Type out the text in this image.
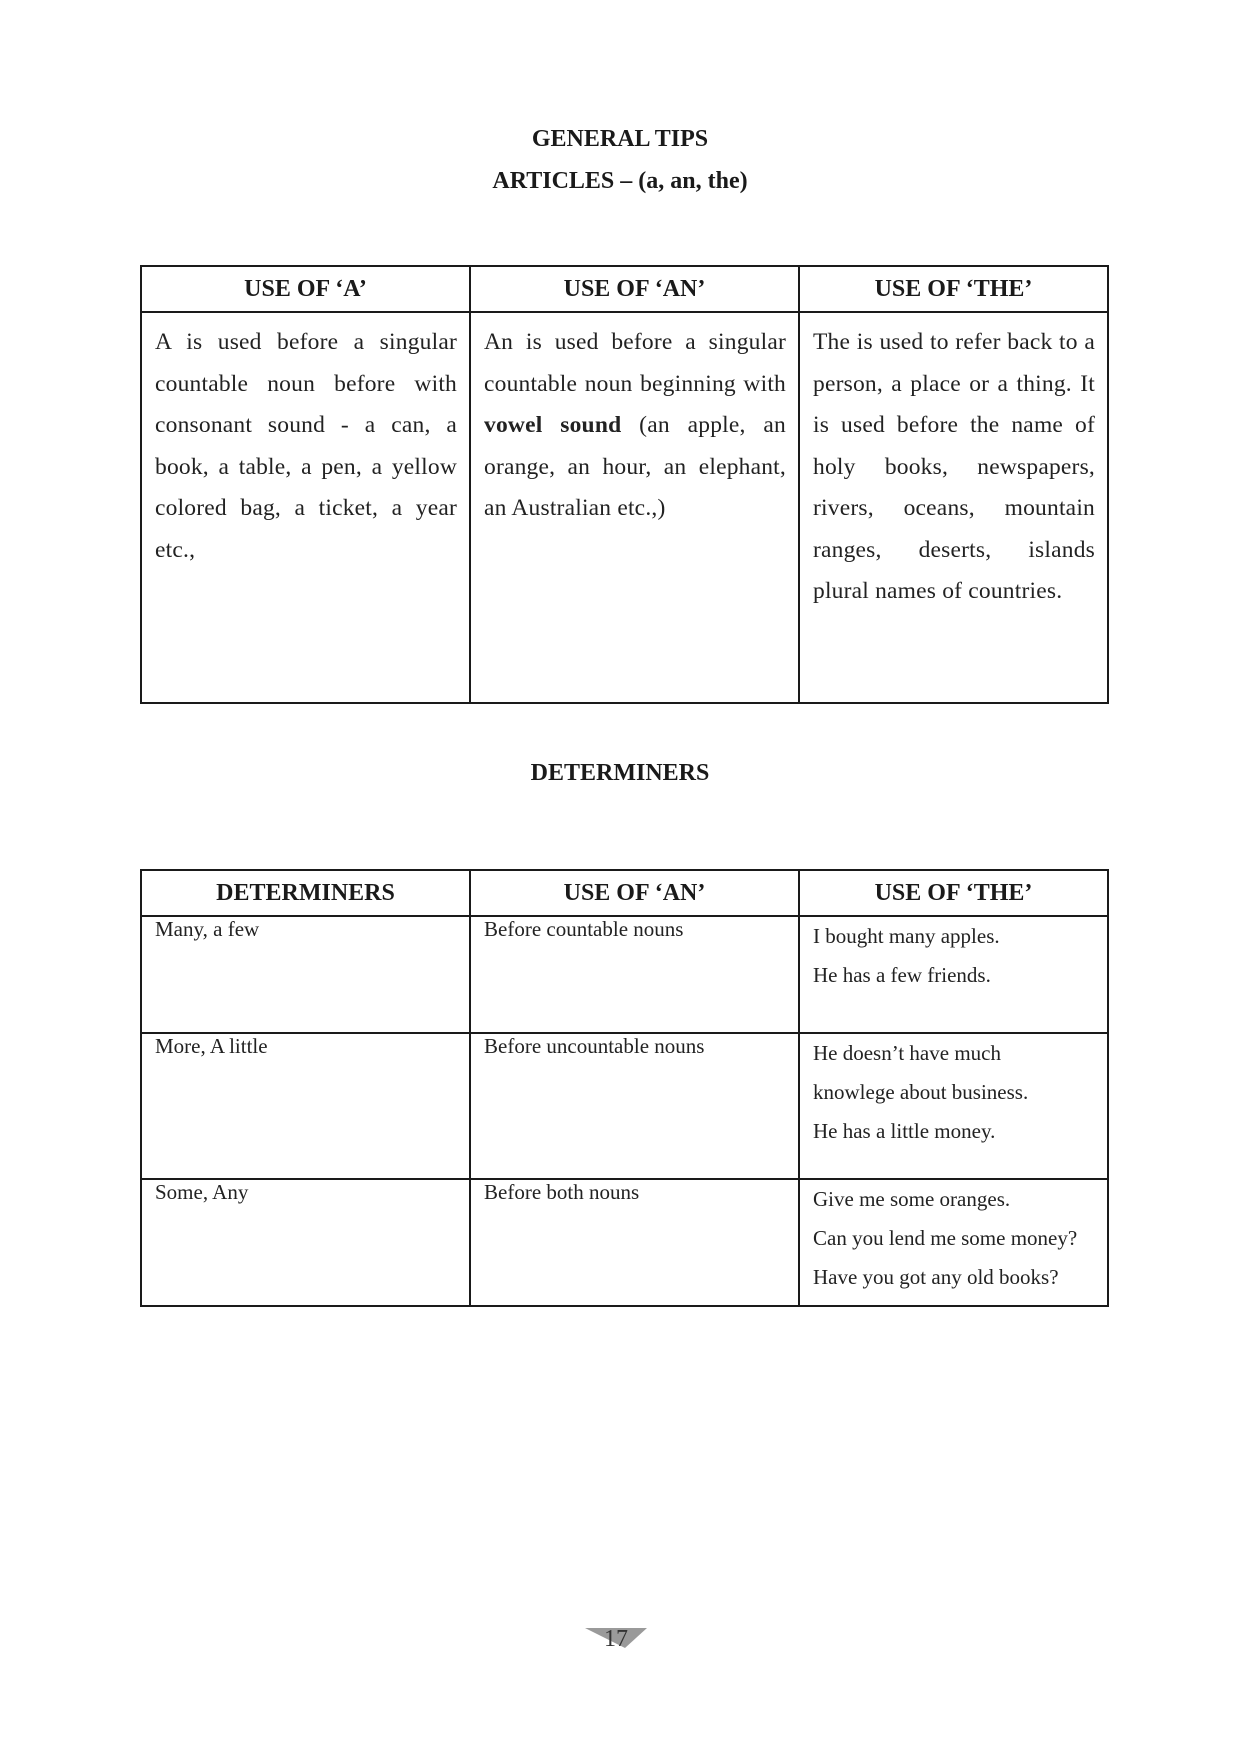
GENERAL TIPS
ARTICLES – (a, an, the)
USE OF ‘A’	USE OF ‘AN’	USE OF ‘THE’
A is used before a singular countable noun before with consonant sound - a can, a book, a table, a pen, a yellow colored bag, a ticket, a year etc.,	An is used before a singular countable noun beginning with vowel sound (an apple, an orange, an hour, an elephant, an Australian etc.,)	The is used to refer back to a person, a place or a thing. It is used before the name of holy books, newspapers, rivers, oceans, mountain ranges, deserts, islands plural names of countries.
DETERMINERS
DETERMINERS	USE OF ‘AN’	USE OF ‘THE’
Many, a few	Before countable nouns	I bought many apples.
He has a few friends.

More, A little	Before uncountable nouns	He doesn’t have much
knowlege about business.
He has a little money.

Some, Any	Before both nouns	Give me some oranges.
Can you lend me some money?
Have you got any old books?
17
